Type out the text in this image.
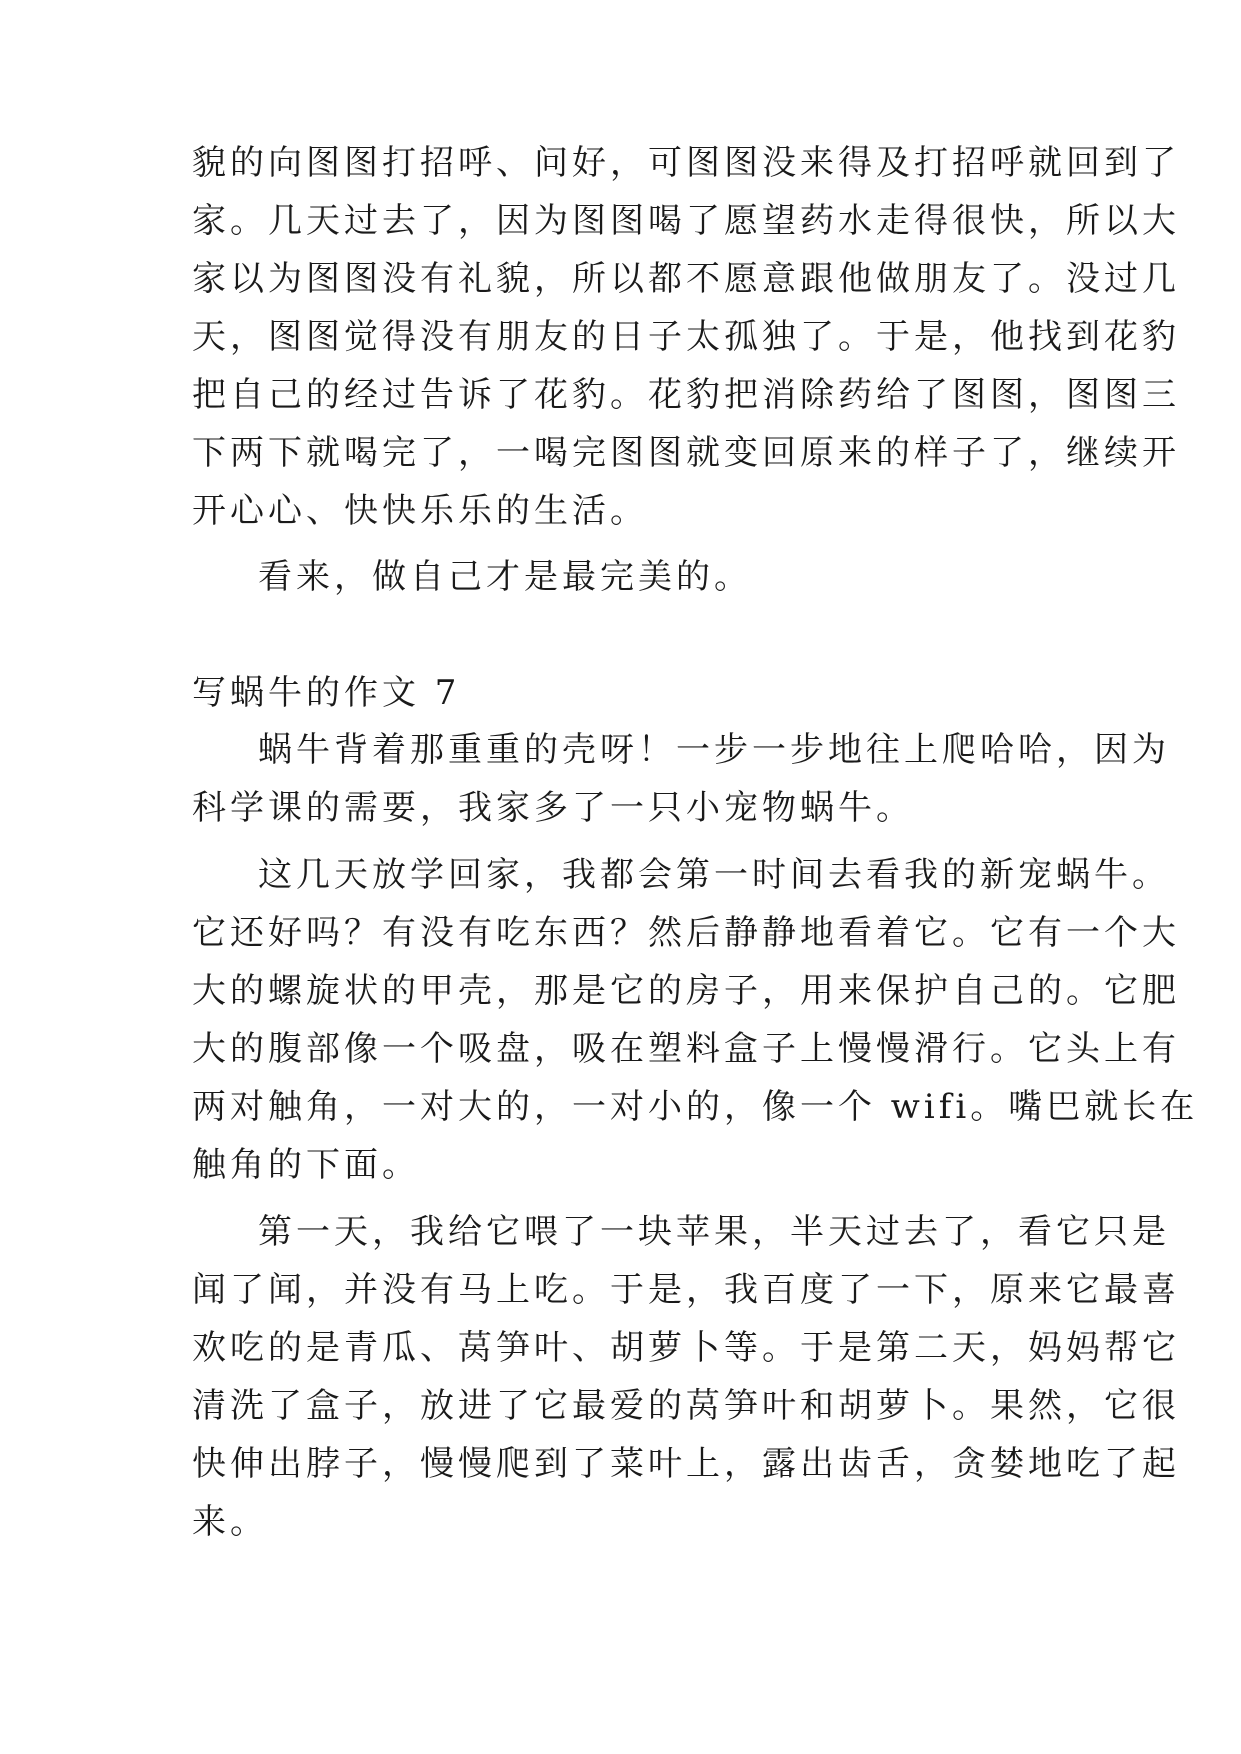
貌的向图图打招呼、问好，可图图没来得及打招呼就回到了
家。几天过去了，因为图图喝了愿望药水走得很快，所以大
家以为图图没有礼貌，所以都不愿意跟他做朋友了。没过几
天，图图觉得没有朋友的日子太孤独了。于是，他找到花豹
把自己的经过告诉了花豹。花豹把消除药给了图图，图图三
下两下就喝完了，一喝完图图就变回原来的样子了，继续开
开心心、快快乐乐的生活。
看来，做自己才是最完美的。
写蜗牛的作文 7
蜗牛背着那重重的壳呀！一步一步地往上爬哈哈，因为
科学课的需要，我家多了一只小宠物蜗牛。
这几天放学回家，我都会第一时间去看我的新宠蜗牛。
它还好吗？有没有吃东西？然后静静地看着它。它有一个大
大的螺旋状的甲壳，那是它的房子，用来保护自己的。它肥
大的腹部像一个吸盘，吸在塑料盒子上慢慢滑行。它头上有
两对触角，一对大的，一对小的，像一个 wifi。嘴巴就长在
触角的下面。
第一天，我给它喂了一块苹果，半天过去了，看它只是
闻了闻，并没有马上吃。于是，我百度了一下，原来它最喜
欢吃的是青瓜、莴笋叶、胡萝卜等。于是第二天，妈妈帮它
清洗了盒子，放进了它最爱的莴笋叶和胡萝卜。果然，它很
快伸出脖子，慢慢爬到了菜叶上，露出齿舌，贪婪地吃了起
来。
